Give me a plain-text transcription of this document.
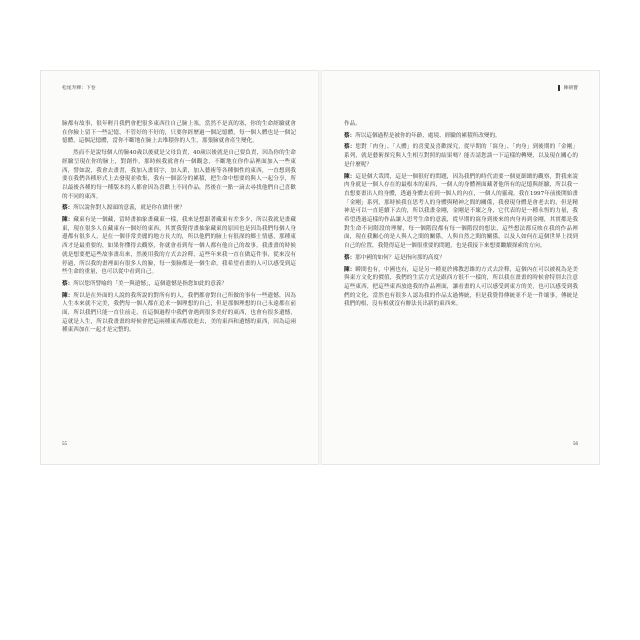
松尾寿輝：下卷

臉都有故事，很年輕月我們會把很多東西往自己臉上塞，當然不是真的塞，你的生命經驗就會在你臉上留下一些記憶，不管好的不好的，只要你經歷過一個記憶體，每一個人體也是一個記憶體，這個記憶體，當你不斷地在臉上去堆積你的人生，那張臉就會產生變化。

然而不是說每個人的臉40歲以後就是父母負責，40歲以後就是自己要負責，因為你的生命經驗呈現在你的臉上，對創作，那時候我就會有一個觀念，不斷地在你作品裡面加入一些東西，譬如說，我會去畫書，我加入畫寫字，加入業，加入藝術等各種個性的東西，一直想到我要在我們各種形式上去發現並收集，我有一個部分的累積，把生命中想要的與人一起分享，所以最後各種的每一種版本的人都會因為喜歡上不同作品，然後在一點一滴去尋找他們自己喜歡的不同的東西。

蔡：所以說你對人源頭的意義，就是你在做什麼？

陳：藏東有是一個藏，當時畫抽象畫藏東一樣，我來是想跟著藏東有差多少，所以我就是畫藏東，現在很多人在藏東有一個好的東西，其實我覺得畫抽象藏東的原因也是因為我們每個人身邊都有很多人，是在一個非常美麗的地方長大的，所以他們的臉上有很深的鄉土情感，那種東西才是最重要的，如果你懂得去觀察，你就會看到每一個人都有他自己的故事，我畫畫的時候就是想要把這些故事畫出來，然後用我的方式去詮釋，這些年來我一直在做這件事，從來沒有停過，所以我的畫裡面有很多人的臉，每一張臉都是一個生命，我希望看畫的人可以感受到這些生命的重量，也可以從中看到自己。

蔡：所以您所譬喻的「美一與遺憾」，這個遺憾是指您如此的意義？

陳：所以是在外面的人說的我所說的對所有的人，我們都會對自己所做的事有一些遺憾，因為人生本來就不完美，我們每一個人都在追求一個理想的自己，但是那個理想的自己永遠都在前面，所以我們只能一直往前走，在這個過程中我們會遇到很多美好的東西，也會有很多遺憾，這就是人生，所以我畫畫的時候會把這兩種東西都放進去，美的東西和遺憾的東西，因為這兩種東西加在一起才是完整的。

55
陳朝寶

作品。

蔡：所以這個過程是被你的年齡、處境、經驗的累積所改變的。

蔡：您對「肉身」、「人體」的喜愛及喜歡探究，從早期的「窩身」、「肉身」到後期的「金剛」系列，就是藝術探究與人生相互對照的結果嗎？能否請您談一下這樣的轉變，以及現在關心的是什麼呢？

陳：這是個大哉問，這是一個很好的問題，因為我們的時代需要一個更細緻的觀察，對我來說肉身就是一個人存在的最根本的東西，一個人的身體裡面藏著他所有的記憶與經驗，所以我一直想要畫出人的身體，透過身體去看到一個人的內在，一個人的靈魂，我在1997年前後開始畫「金剛」系列，那時候我在思考人的身體與精神之間的關係，我發現身體是會老去的，但是精神是可以一直延續下去的，所以我畫金剛，金剛是不壞之身，它代表的是一種永恆的力量，我希望透過這樣的作品讓人思考生命的意義，從早期的窩身到後來的肉身再到金剛，其實都是我對生命不同階段的理解，每一個階段都有每一個階段的想法，這些想法都反映在我的作品裡面，現在我關心的是人與人之間的關係，人與自然之間的關係，以及人如何在這個世界上找到自己的位置，我覺得這是一個很重要的問題，也是我接下來想要繼續探索的方向。

蔡：那中國的如何？這是指向那的高度？

陳：瞬間也有，中國也有，這是另一種更於佛教思維的方式去詮釋，這個內在可以被視為是美與東方文化的價值，我們的生活方式是跟西方很不一樣的，所以我在畫畫的時候會特別去注意這些東西，把這些東西放進我的作品裡面，讓看畫的人可以感受到東方的美，也可以感受到我們的文化，當然也有很多人認為我的作品太過傳統，但是我覺得傳統並不是一件壞事，傳統是我們的根，沒有根就沒有辦法長出新的東西來。

56
